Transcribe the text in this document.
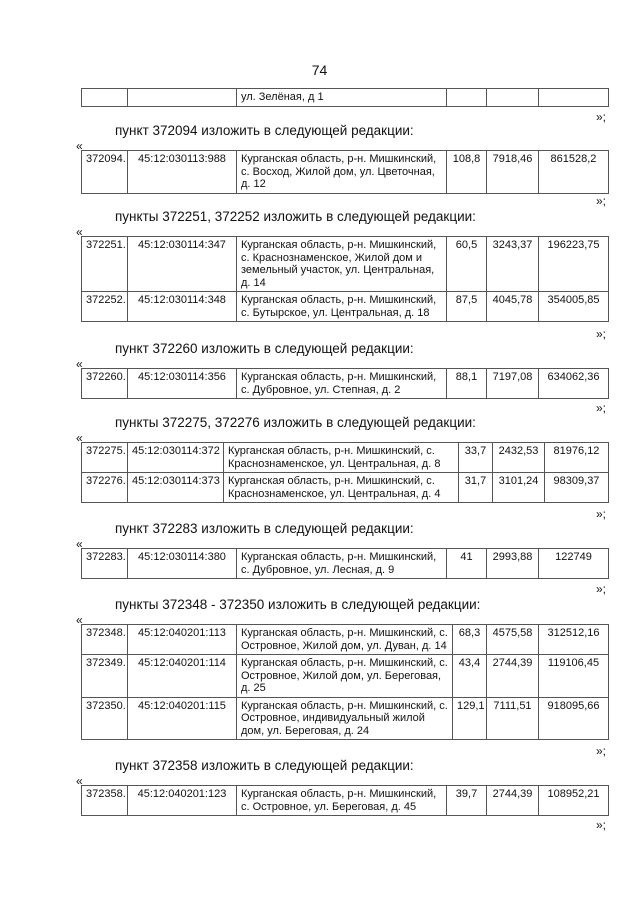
74
		ул. Зелёная, д 1			
»;
пункт 372094 изложить в следующей редакции:
«
372094.	45:12:030113:988	Курганская область, р-н. Мишкинский, с. Восход, Жилой дом, ул. Цветочная, д. 12	108,8	7918,46	861528,2
»;
пункты 372251, 372252 изложить в следующей редакции:
«
372251.	45:12:030114:347	Курганская область, р-н. Мишкинский, с. Краснознаменское, Жилой дом и земельный участок, ул. Центральная, д. 14	60,5	3243,37	196223,75
372252.	45:12:030114:348	Курганская область, р-н. Мишкинский, с. Бутырское, ул. Центральная, д. 18	87,5	4045,78	354005,85
»;
пункт 372260 изложить в следующей редакции:
«
372260.	45:12:030114:356	Курганская область, р-н. Мишкинский, с. Дубровное, ул. Степная, д. 2	88,1	7197,08	634062,36
»;
пункты 372275, 372276 изложить в следующей редакции:
«
372275.	45:12:030114:372	Курганская область, р-н. Мишкинский, с. Краснознаменское, ул. Центральная, д. 8	33,7	2432,53	81976,12
372276.	45:12:030114:373	Курганская область, р-н. Мишкинский, с. Краснознаменское, ул. Центральная, д. 4	31,7	3101,24	98309,37
»;
пункт 372283 изложить в следующей редакции:
«
372283.	45:12:030114:380	Курганская область, р-н. Мишкинский, с. Дубровное, ул. Лесная, д. 9	41	2993,88	122749
»;
пункты 372348 - 372350 изложить в следующей редакции:
«
372348.	45:12:040201:113	Курганская область, р-н. Мишкинский, с. Островное, Жилой дом, ул. Дуван, д. 14	68,3	4575,58	312512,16
372349.	45:12:040201:114	Курганская область, р-н. Мишкинский, с. Островное, Жилой дом, ул. Береговая, д. 25	43,4	2744,39	119106,45
372350.	45:12:040201:115	Курганская область, р-н. Мишкинский, с. Островное, индивидуальный жилой дом, ул. Береговая, д. 24	129,1	7111,51	918095,66
»;
пункт 372358 изложить в следующей редакции:
«
372358.	45:12:040201:123	Курганская область, р-н. Мишкинский, с. Островное, ул. Береговая, д. 45	39,7	2744,39	108952,21
»;
